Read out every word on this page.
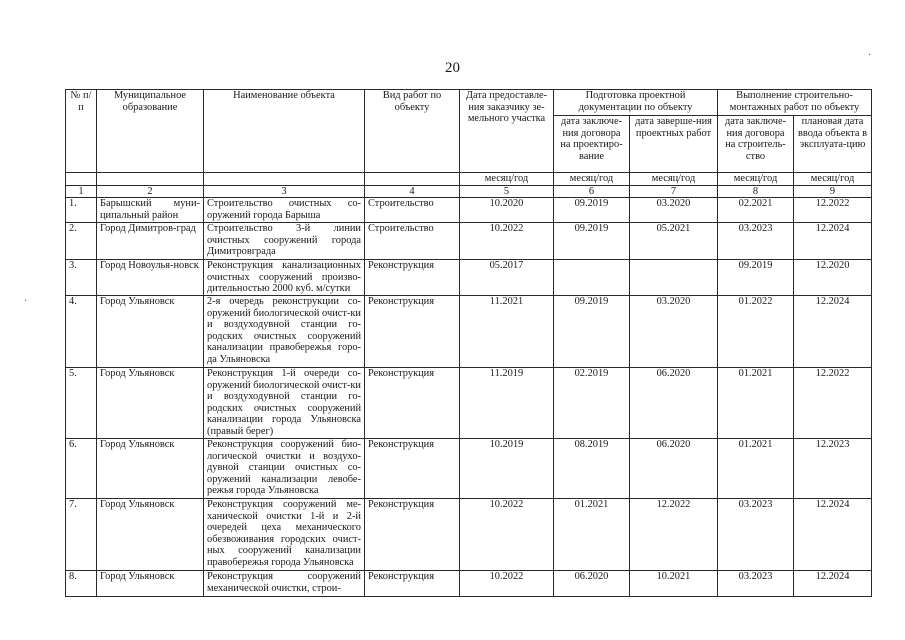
20
·
·
№ п/п	Муниципальное образование	Наименование объекта	Вид работ по объекту	Дата предоставле-ния заказчику зе-мельного участка	Подготовка проектной документации по объекту		Выполнение строительно-монтажных работ по объекту	
					дата заключе-ния договора на проектиро-вание	дата заверше-ния проектных работ	дата заключе-ния договора на строитель-ство	плановая дата ввода объекта в эксплуата-цию
				месяц/год	месяц/год	месяц/год	месяц/год	месяц/год
1	2	3	4	5	6	7	8	9
1.	Барышский муни-ципальный район	Строительство очистных со-оружений города Барыша	Строительство	10.2020	09.2019	03.2020	02.2021	12.2022
2.	Город Димитров-град	Строительство 3-й линии очистных сооружений города Димитровграда	Строительство	10.2022	09.2019	05.2021	03.2023	12.2024
3.	Город Новоулья-новск	Реконструкция канализационных очистных сооружений произво-дительностью 2000 куб. м/сутки	Реконструкция	05.2017			09.2019	12.2020
4.	Город Ульяновск	2-я очередь реконструкции со-оружений биологической очист-ки и воздуходувной станции го-родских очистных сооружений канализации правобережья горо-да Ульяновска	Реконструкция	11.2021	09.2019	03.2020	01.2022	12.2024
5.	Город Ульяновск	Реконструкция 1-й очереди со-оружений биологической очист-ки и воздуходувной станции го-родских очистных сооружений канализации города Ульяновска (правый берег)	Реконструкция	11.2019	02.2019	06.2020	01.2021	12.2022
6.	Город Ульяновск	Реконструкция сооружений био-логической очистки и воздухо-дувной станции очистных со-оружений канализации левобе-режья города Ульяновска	Реконструкция	10.2019	08.2019	06.2020	01.2021	12.2023
7.	Город Ульяновск	Реконструкция сооружений ме-ханической очистки 1-й и 2-й очередей цеха механического обезвоживания городских очист-ных сооружений канализации правобережья города Ульяновска	Реконструкция	10.2022	01.2021	12.2022	03.2023	12.2024
8.	Город Ульяновск	Реконструкция сооружений механической очистки, строи-	Реконструкция	10.2022	06.2020	10.2021	03.2023	12.2024
